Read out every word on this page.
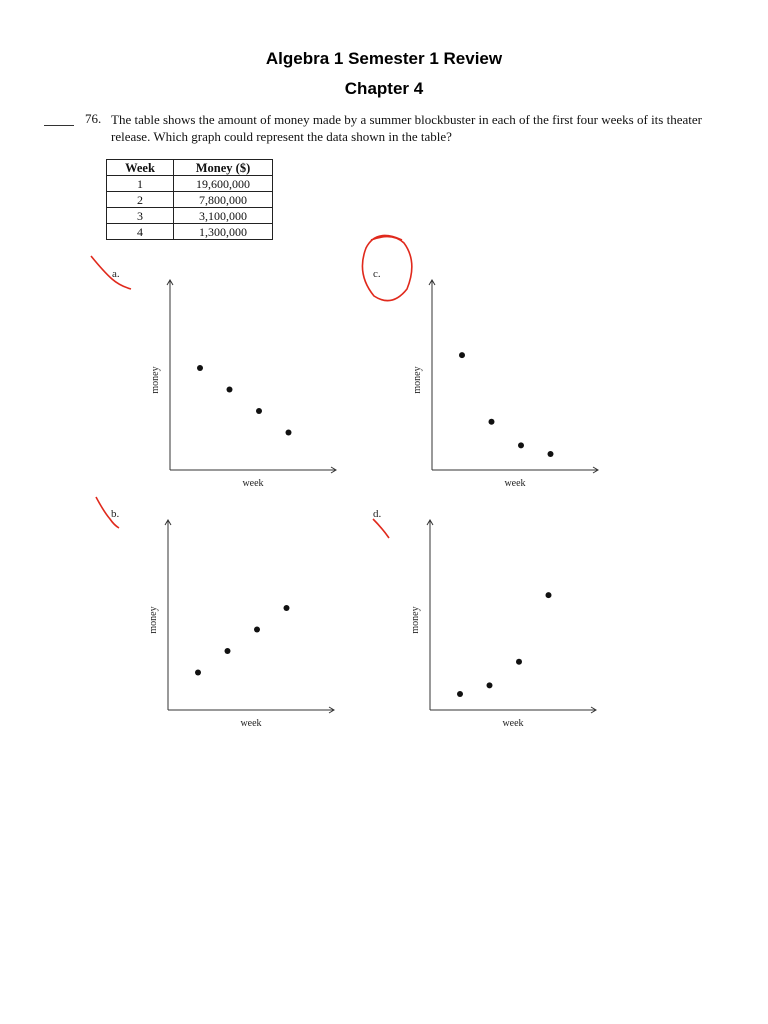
Algebra 1 Semester 1 Review
Chapter 4
76. The table shows the amount of money made by a summer blockbuster in each of the first four weeks of its theater release. Which graph could represent the data shown in the table?
Week	Money ($)
1	19,600,000
2	7,800,000
3	3,100,000
4	1,300,000
a.	c.
b.	d.
week
money
week
money
week
money
week
money
